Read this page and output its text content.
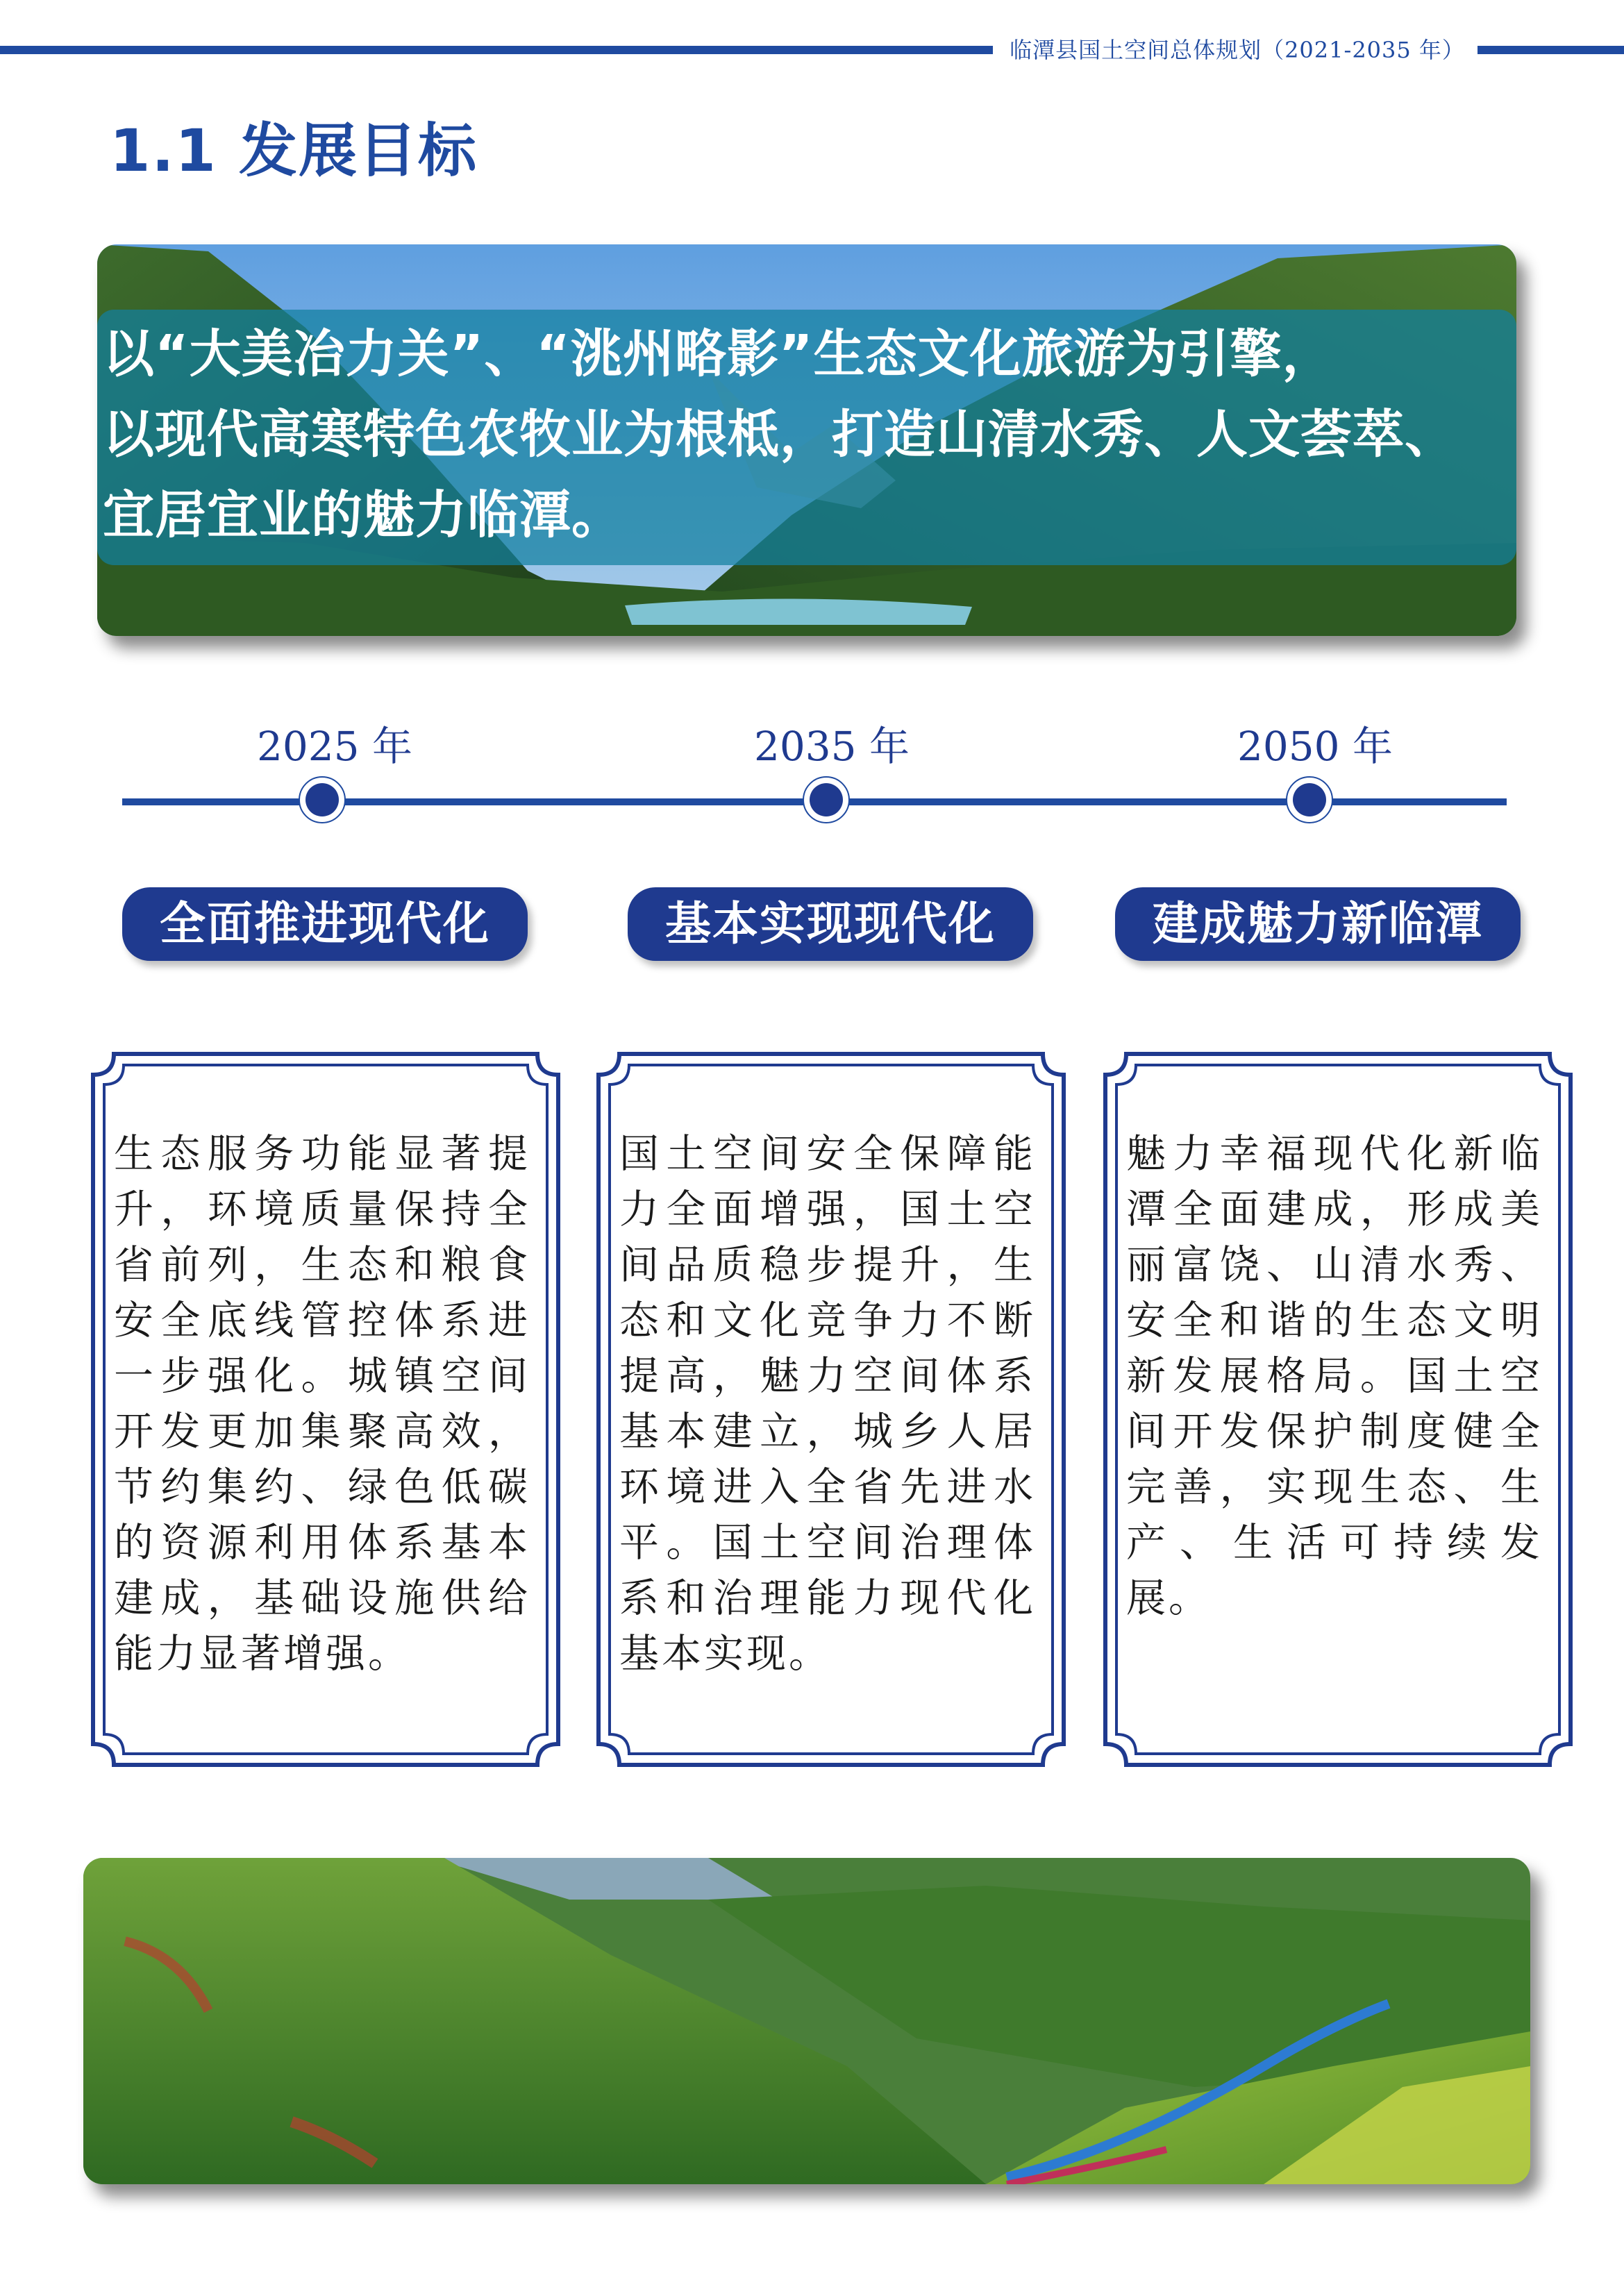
临潭县国土空间总体规划（2021-2035 年）
1.1 发展目标
以“大美冶力关”、“洮州略影”生态文化旅游为引擎，
以现代高寒特色农牧业为根柢，打造山清水秀、人文荟萃、
宜居宜业的魅力临潭。
2025 年	2035 年	2050 年
全面推进现代化	基本实现现代化	建成魅力新临潭
生态服务功能显著提升，环境质量保持全省前列，生态和粮食安全底线管控体系进一步强化。城镇空间开发更加集聚高效，节约集约、绿色低碳的资源利用体系基本建成，基础设施供给能力显著增强。
国土空间安全保障能力全面增强，国土空间品质稳步提升，生态和文化竞争力不断提高，魅力空间体系基本建立，城乡人居环境进入全省先进水平。国土空间治理体系和治理能力现代化基本实现。
魅力幸福现代化新临潭全面建成，形成美丽富饶、山清水秀、安全和谐的生态文明新发展格局。国土空间开发保护制度健全完善，实现生态、生产、生活可持续发展。
